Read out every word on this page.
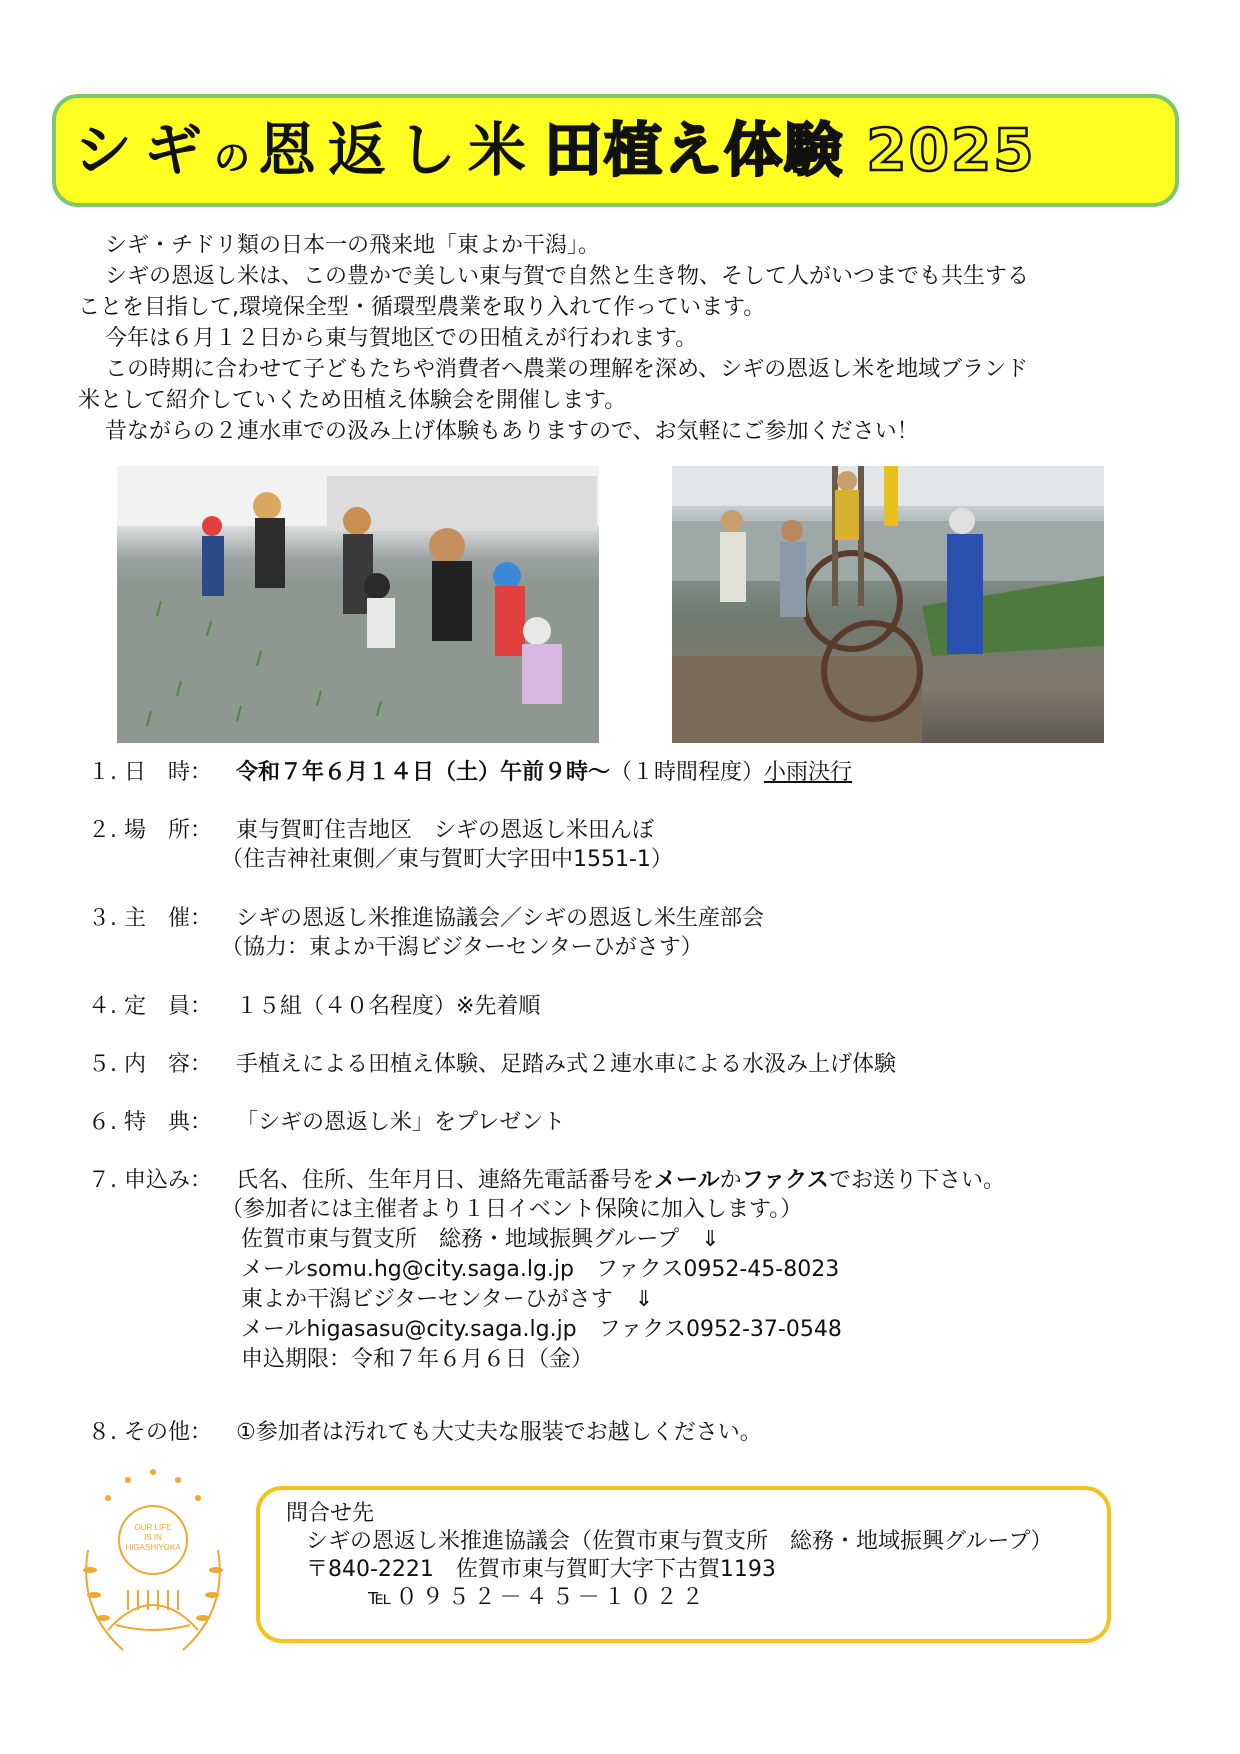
シギの恩返し米 田植え体験 2025

シギ・チドリ類の日本一の飛来地「東よか干潟」。

シギの恩返し米は、この豊かで美しい東与賀で自然と生き物、そして人がいつまでも共生する

ことを目指して,環境保全型・循環型農業を取り入れて作っています。

今年は６月１２日から東与賀地区での田植えが行われます。

この時期に合わせて子どもたちや消費者へ農業の理解を深め、シギの恩返し米を地域ブランド

米として紹介していくため田植え体験会を開催します。

昔ながらの２連水車での汲み上げ体験もありますので、お気軽にご参加ください！

１. 日　時： 令和７年６月１４日（土）午前９時～（１時間程度）小雨決行
２. 場　所： 東与賀町住吉地区　シギの恩返し米田んぼ
（住吉神社東側／東与賀町大字田中1551-1）
３. 主　催： シギの恩返し米推進協議会／シギの恩返し米生産部会
（協力：東よか干潟ビジターセンターひがさす）
４. 定　員： １５組（４０名程度）※先着順
５. 内　容： 手植えによる田植え体験、足踏み式２連水車による水汲み上げ体験
６. 特　典： 「シギの恩返し米」をプレゼント
７. 申込み： 氏名、住所、生年月日、連絡先電話番号をメールかファクスでお送り下さい。
（参加者には主催者より１日イベント保険に加入します。）
佐賀市東与賀支所　総務・地域振興グループ　⇓
メールsomu.hg@city.saga.lg.jp　ファクス0952-45-8023
東よか干潟ビジターセンターひがさす　⇓
メールhigasasu@city.saga.lg.jp　ファクス0952-37-0548
申込期限：令和７年６月６日（金）
８. その他： ①参加者は汚れても大丈夫な服装でお越しください。
OUR LIFE
IS IN
HIGASHIYOKA
問合せ先
シギの恩返し米推進協議会（佐賀市東与賀支所　総務・地域振興グループ）
〒840-2221　佐賀市東与賀町大字下古賀1193
℡０９５２－４５－１０２２
